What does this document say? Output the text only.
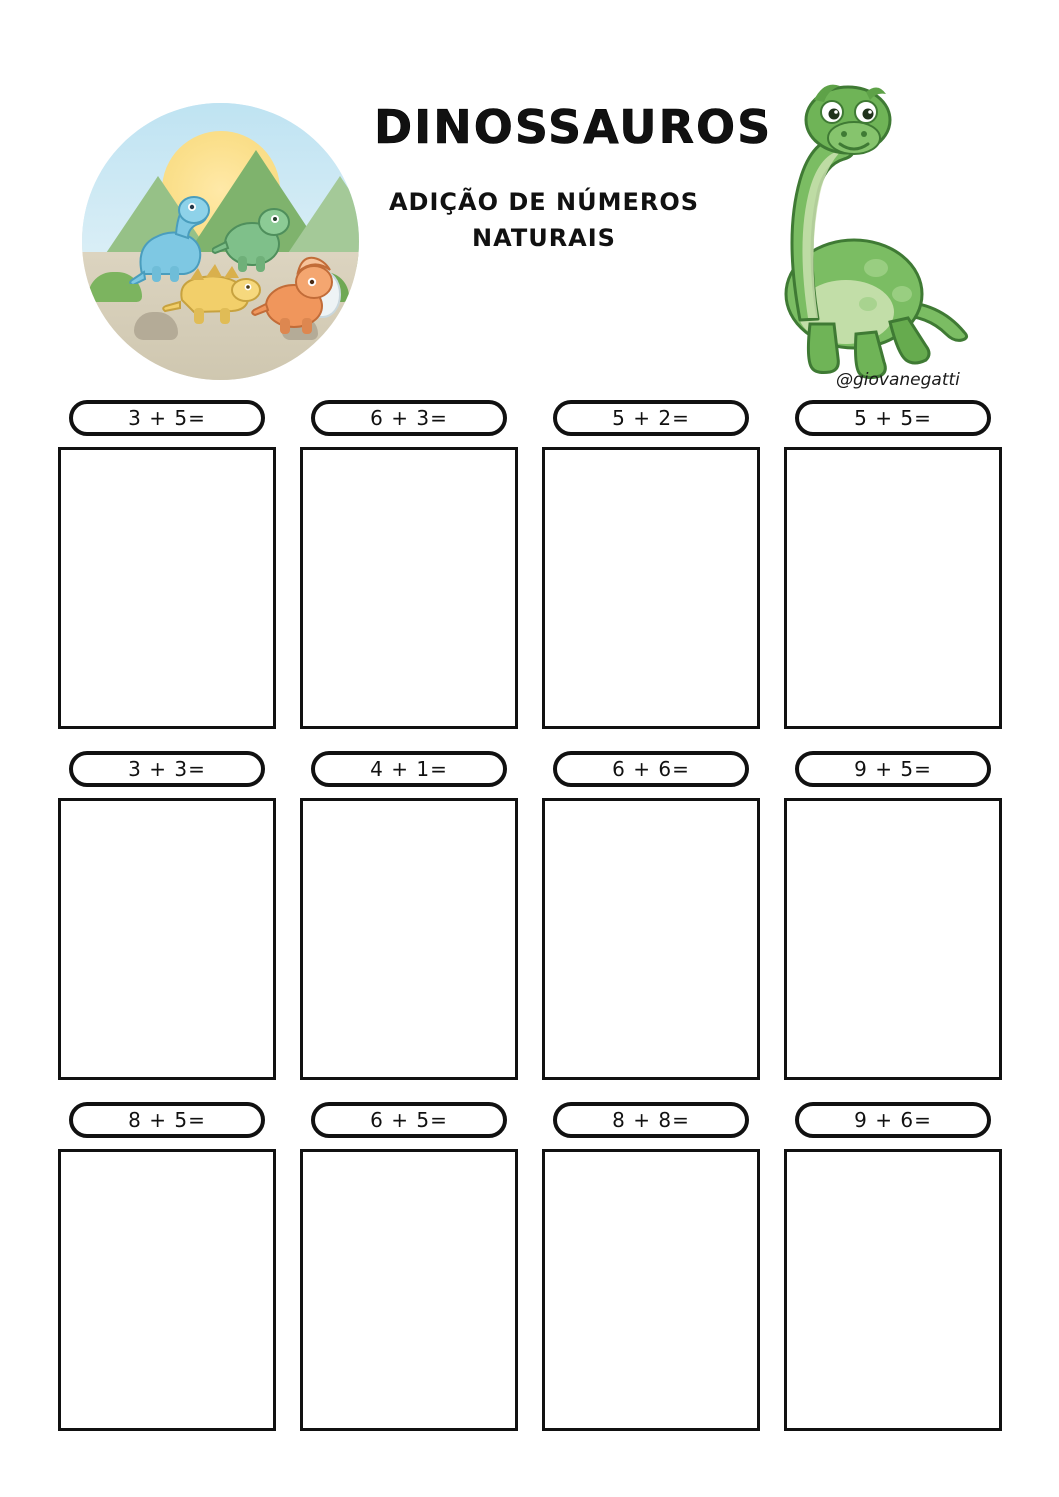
DINOSSAUROS
ADIÇÃO DE NÚMEROS
NATURAIS
@giovanegatti
3 + 5=	6 + 3=	5 + 2=	5 + 5=
3 + 3=	4 + 1=	6 + 6=	9 + 5=
8 + 5=	6 + 5=	8 + 8=	9 + 6=
